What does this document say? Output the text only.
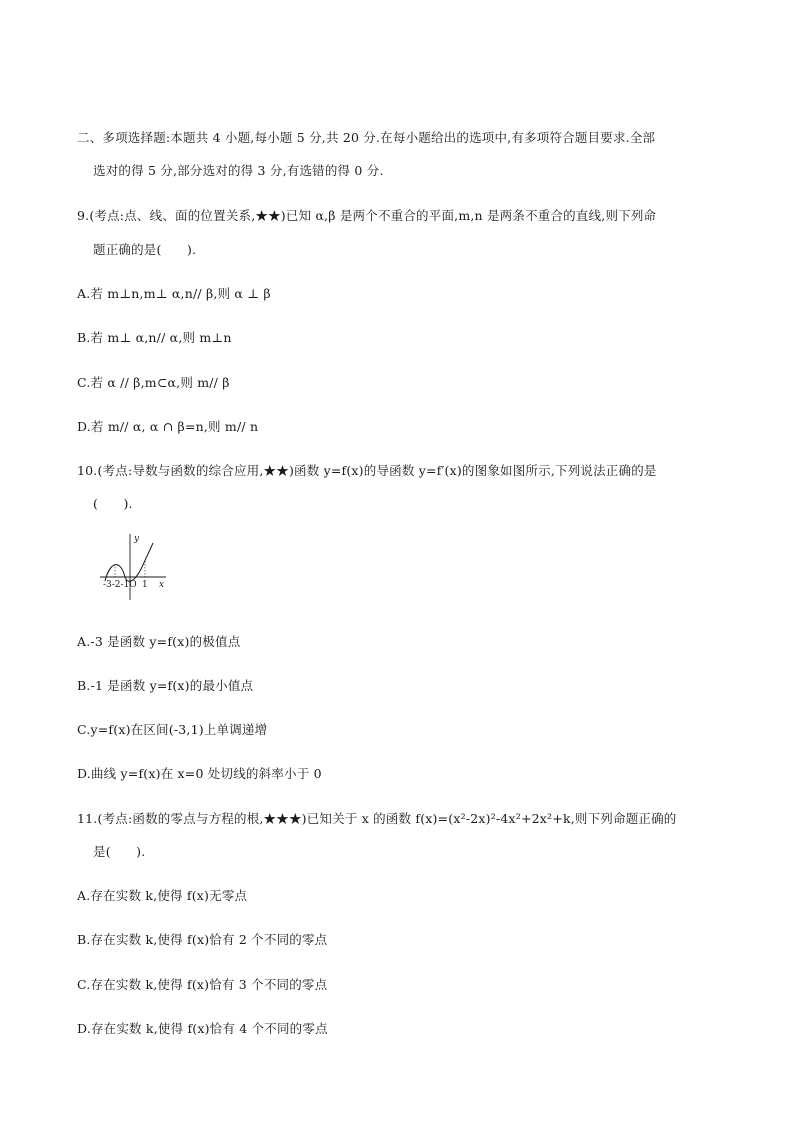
二、多项选择题:本题共 4 小题,每小题 5 分,共 20 分.在每小题给出的选项中,有多项符合题目要求.全部
选对的得 5 分,部分选对的得 3 分,有选错的得 0 分.
9.(考点:点、线、面的位置关系,★★)已知 α,β 是两个不重合的平面,m,n 是两条不重合的直线,则下列命
题正确的是(　　).
A.若 m⊥n,m⊥ α,n// β,则 α ⊥ β
B.若 m⊥ α,n// α,则 m⊥n
C.若 α // β,m⊂α,则 m// β
D.若 m// α, α ∩ β=n,则 m// n
10.(考点:导数与函数的综合应用,★★)函数 y=f(x)的导函数 y=f′(x)的图象如图所示,下列说法正确的是
(　　).
y
x
-3-2-1O 1
A.-3 是函数 y=f(x)的极值点
B.-1 是函数 y=f(x)的最小值点
C.y=f(x)在区间(-3,1)上单调递增
D.曲线 y=f(x)在 x=0 处切线的斜率小于 0
11.(考点:函数的零点与方程的根,★★★)已知关于 x 的函数 f(x)=(x²-2x)²-4x²+2x²+k,则下列命题正确的
是(　　).
A.存在实数 k,使得 f(x)无零点
B.存在实数 k,使得 f(x)恰有 2 个不同的零点
C.存在实数 k,使得 f(x)恰有 3 个不同的零点
D.存在实数 k,使得 f(x)恰有 4 个不同的零点
